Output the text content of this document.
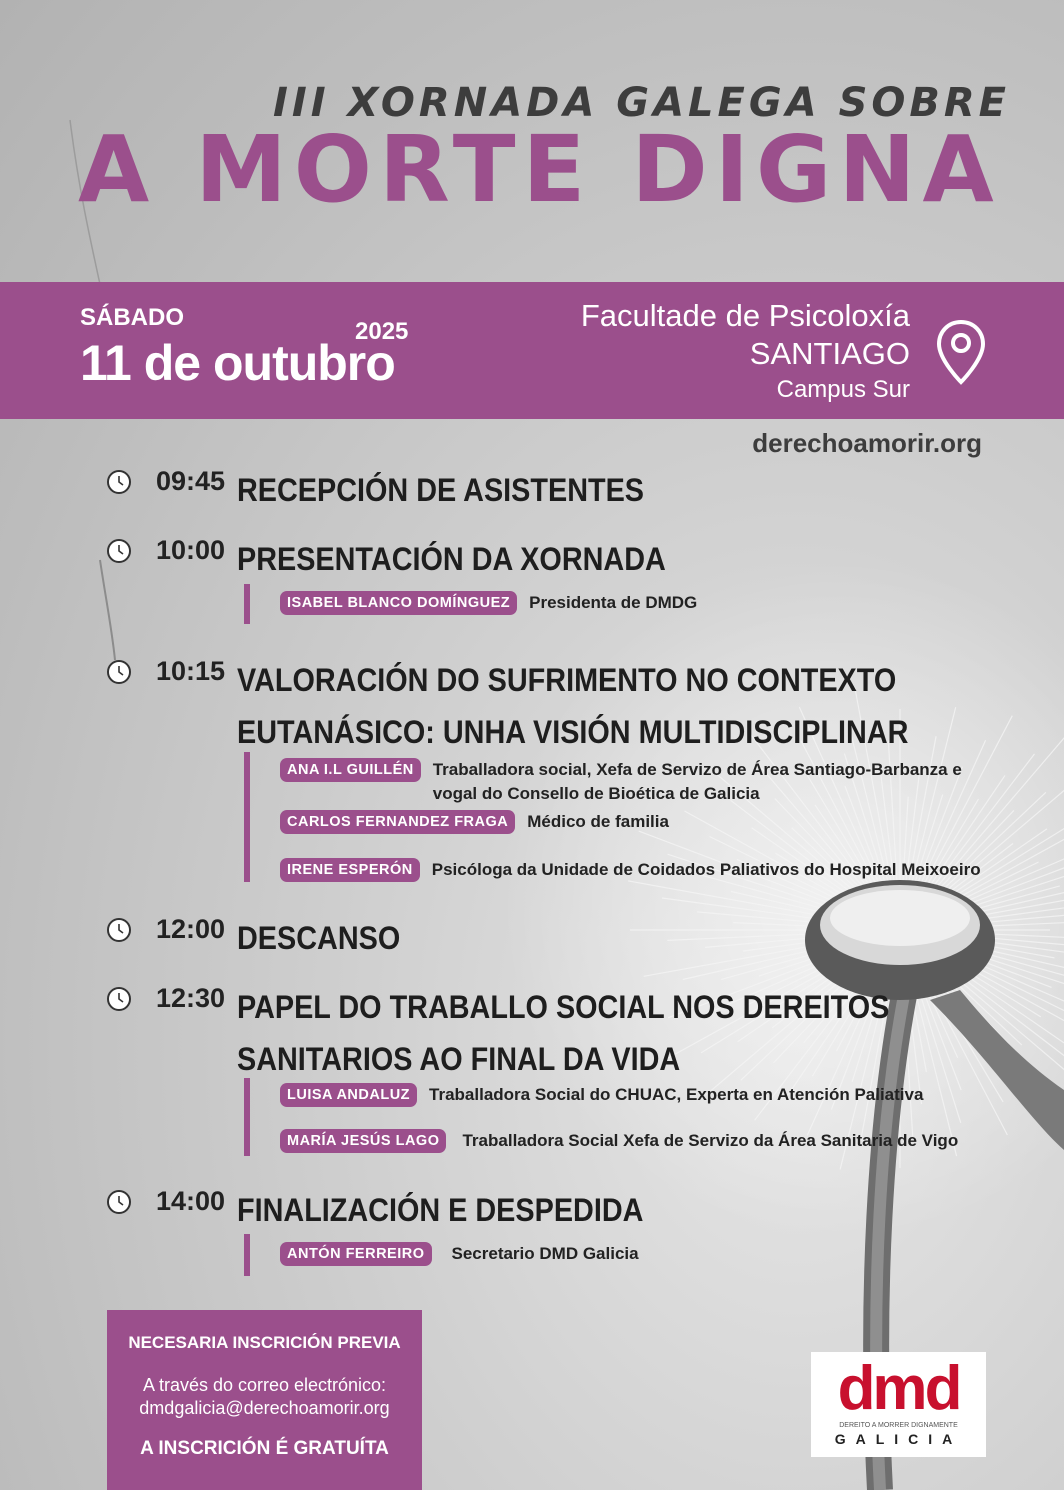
III XORNADA GALEGA SOBRE
A MORTE DIGNA
SÁBADO
2025
11 de outubro
Facultade de Psicoloxía
SANTIAGO
Campus Sur
derechoamorir.org
09:45 RECEPCIÓN DE ASISTENTES
10:00 PRESENTACIÓN DA XORNADA
ISABEL BLANCO DOMÍNGUEZ Presidenta de DMDG
10:15 VALORACIÓN DO SUFRIMENTO NO CONTEXTO
EUTANÁSICO: UNHA VISIÓN MULTIDISCIPLINAR
ANA I.L GUILLÉN Traballadora social, Xefa de Servizo de Área Santiago-Barbanza e
vogal do Consello de Bioética de Galicia
CARLOS FERNANDEZ FRAGA Médico de familia
IRENE ESPERÓN Psicóloga da Unidade de Coidados Paliativos do Hospital Meixoeiro
12:00 DESCANSO
12:30 PAPEL DO TRABALLO SOCIAL NOS DEREITOS
SANITARIOS AO FINAL DA VIDA
LUISA ANDALUZ Traballadora Social do CHUAC, Experta en Atención Paliativa
MARÍA JESÚS LAGO Traballadora Social Xefa de Servizo da Área Sanitaria de Vigo
14:00 FINALIZACIÓN E DESPEDIDA
ANTÓN FERREIRO Secretario DMD Galicia
NECESARIA INSCRICIÓN PREVIA
A través do correo electrónico:
dmdgalicia@derechoamorir.org
A INSCRICIÓN É GRATUÍTA
dmd
DEREITO A MORRER DIGNAMENTE
GALICIA
